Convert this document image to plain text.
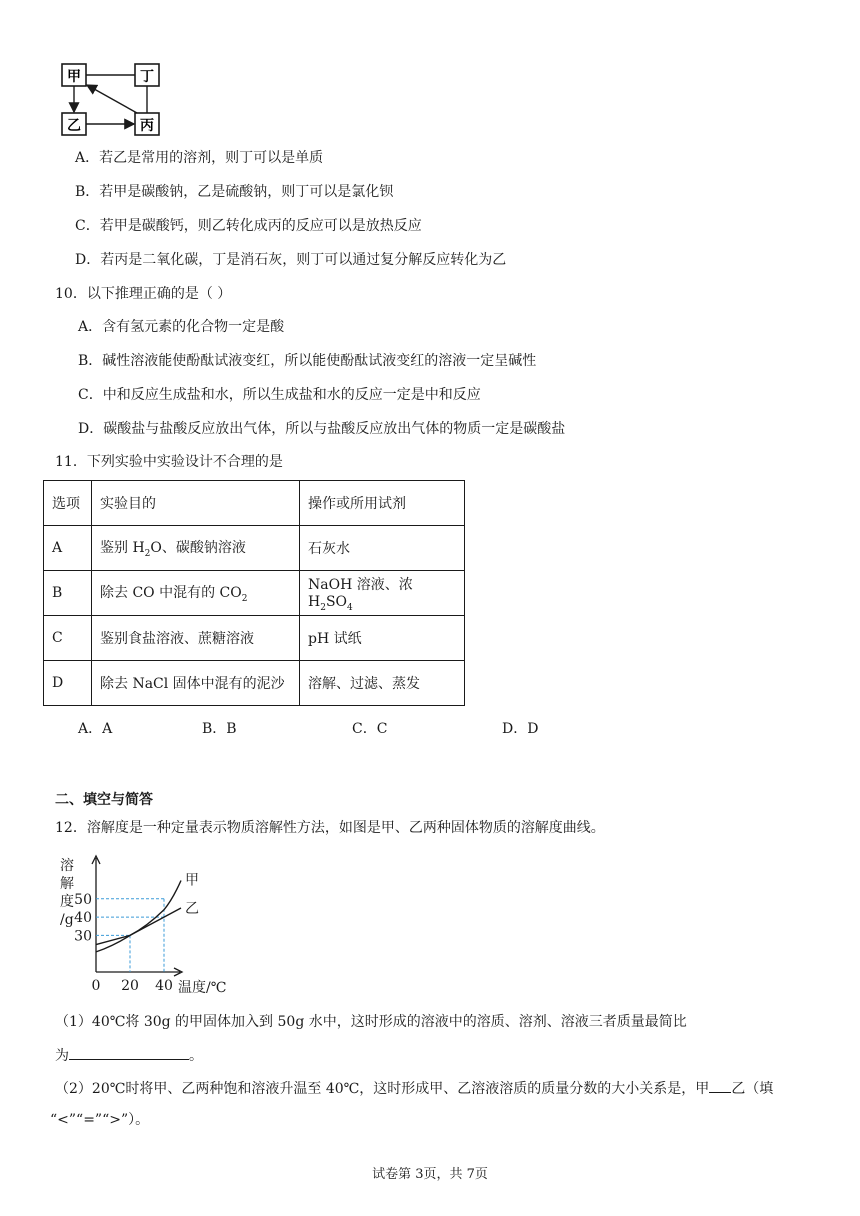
甲	丁
乙	丙
A．若乙是常用的溶剂，则丁可以是单质
B．若甲是碳酸钠，乙是硫酸钠，则丁可以是氯化钡
C．若甲是碳酸钙，则乙转化成丙的反应可以是放热反应
D．若丙是二氧化碳，丁是消石灰，则丁可以通过复分解反应转化为乙
10．以下推理正确的是（ ）
A．含有氢元素的化合物一定是酸
B．碱性溶液能使酚酞试液变红，所以能使酚酞试液变红的溶液一定呈碱性
C．中和反应生成盐和水，所以生成盐和水的反应一定是中和反应
D．碳酸盐与盐酸反应放出气体，所以与盐酸反应放出气体的物质一定是碳酸盐
11．下列实验中实验设计不合理的是
选项	实验目的	操作或所用试剂
A	鉴别 $H_2O$、碳酸钠溶液	石灰水
B	除去 CO 中混有的 $CO_2$	NaOH 溶液、浓 $H_2SO_4$
C	鉴别食盐溶液、蔗糖溶液	pH 试纸
D	除去 NaCl 固体中混有的泥沙	溶解、过滤、蒸发
A．A	B．B	C．C	D．D
二、填空与简答
12．溶解度是一种定量表示物质溶解性方法，如图是甲、乙两种固体物质的溶解度曲线。
溶
解
度
/g
50
40
30
0 20 40 温度/℃
甲
乙
（1）40℃将 30g 的甲固体加入到 50g 水中，这时形成的溶液中的溶质、溶剂、溶液三者质量最简比
为	。
（2）20℃时将甲、乙两种饱和溶液升温至 40℃，这时形成甲、乙溶液溶质的质量分数的大小关系是，甲 乙（填
“<”“=”“>”）。
试卷第 3页，共 7页
